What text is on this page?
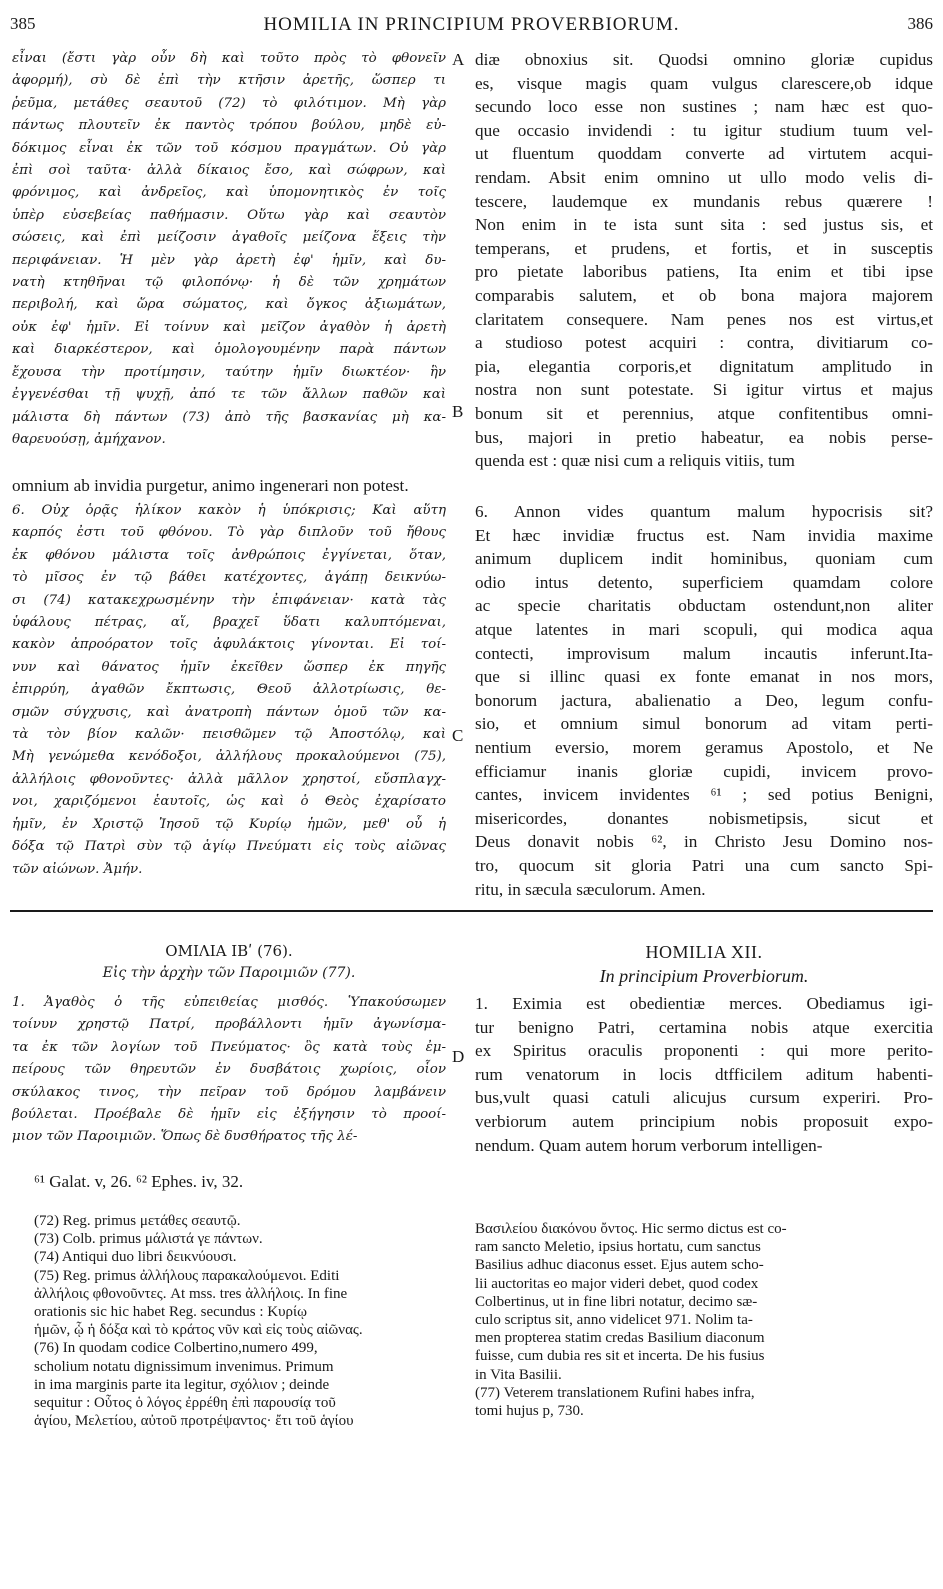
385	HOMILIA IN PRINCIPIUM PROVERBIORUM.	386
εἶναι (ἔστι γὰρ οὖν δὴ καὶ τοῦτο πρὸς τὸ φθονεῖν
ἀφορμή), σὺ δὲ ἐπὶ τὴν κτῆσιν ἀρετῆς, ὥσπερ τι
ῥεῦμα, μετάθες σεαυτοῦ (72) τὸ φιλότιμον. Μὴ γὰρ
πάντως πλουτεῖν ἐκ παντὸς τρόπου βούλου, μηδὲ εὐ-
δόκιμος εἶναι ἐκ τῶν τοῦ κόσμου πραγμάτων. Οὐ γὰρ
ἐπὶ σοὶ ταῦτα· ἀλλὰ δίκαιος ἔσο, καὶ σώφρων, καὶ
φρόνιμος, καὶ ἀνδρεῖος, καὶ ὑπομονητικὸς ἐν τοῖς
ὑπὲρ εὐσεβείας παθήμασιν. Οὕτω γὰρ καὶ σεαυτὸν
σώσεις, καὶ ἐπὶ μείζοσιν ἀγαθοῖς μείζονα ἕξεις τὴν
περιφάνειαν. Ἡ μὲν γὰρ ἀρετὴ ἐφ' ἡμῖν, καὶ δυ-
νατὴ κτηθῆναι τῷ φιλοπόνῳ· ἡ δὲ τῶν χρημάτων
περιβολή, καὶ ὥρα σώματος, καὶ ὄγκος ἀξιωμάτων,
οὐκ ἐφ' ἡμῖν. Εἰ τοίνυν καὶ μεῖζον ἀγαθὸν ἡ ἀρετὴ
καὶ διαρκέστερον, καὶ ὁμολογουμένην παρὰ πάντων
ἔχουσα τὴν προτίμησιν, ταύτην ἡμῖν διωκτέον· ἣν
ἐγγενέσθαι τῇ ψυχῇ, ἀπό τε τῶν ἄλλων παθῶν καὶ
μάλιστα δὴ πάντων (73) ἀπὸ τῆς βασκανίας μὴ κα-
θαρευούσῃ, ἀμήχανον.
diæ obnoxius sit. Quodsi omnino gloriæ cupidus
es, visque magis quam vulgus clarescere,ob idque
secundo loco esse non sustines ; nam hæc est quo-
que occasio invidendi : tu igitur studium tuum vel-
ut fluentum quoddam converte ad virtutem acqui-
rendam. Absit enim omnino ut ullo modo velis di-
tescere, laudemque ex mundanis rebus quærere !
Non enim in te ista sunt sita : sed justus sis, et
temperans, et prudens, et fortis, et in susceptis
pro pietate laboribus patiens, Ita enim et tibi ipse
comparabis salutem, et ob bona majora majorem
claritatem consequere. Nam penes nos est virtus,et
a studioso potest acquiri : contra, divitiarum co-
pia, elegantia corporis,et dignitatum amplitudo in
nostra non sunt potestate. Si igitur virtus et majus
bonum sit et perennius, atque confitentibus omni-
bus, majori in pretio habeatur, ea nobis perse-
quenda est : quæ nisi cum a reliquis vitiis, tum
omnium ab invidia purgetur, animo ingenerari non potest.
A
B
C
D
6. Οὐχ ὁρᾷς ἡλίκον κακὸν ἡ ὑπόκρισις; Καὶ αὕτη
καρπός ἐστι τοῦ φθόνου. Τὸ γὰρ διπλοῦν τοῦ ἤθους
ἐκ φθόνου μάλιστα τοῖς ἀνθρώποις ἐγγίνεται, ὅταν,
τὸ μῖσος ἐν τῷ βάθει κατέχοντες, ἀγάπῃ δεικνύω-
σι (74) κατακεχρωσμένην τὴν ἐπιφάνειαν· κατὰ τὰς
ὑφάλους πέτρας, αἵ, βραχεῖ ὕδατι καλυπτόμεναι,
κακὸν ἀπροόρατον τοῖς ἀφυλάκτοις γίνονται. Εἰ τοί-
νυν καὶ θάνατος ἡμῖν ἐκεῖθεν ὥσπερ ἐκ πηγῆς
ἐπιρρύη, ἀγαθῶν ἔκπτωσις, Θεοῦ ἀλλοτρίωσις, θε-
σμῶν σύγχυσις, καὶ ἀνατροπὴ πάντων ὁμοῦ τῶν κα-
τὰ τὸν βίον καλῶν· πεισθῶμεν τῷ Ἀποστόλῳ, καὶ
Μὴ γενώμεθα κενόδοξοι, ἀλλήλους προκαλούμενοι (75),
ἀλλήλοις φθονοῦντες· ἀλλὰ μᾶλλον χρηστοί, εὔσπλαγχ-
νοι, χαριζόμενοι ἑαυτοῖς, ὡς καὶ ὁ Θεὸς ἐχαρίσατο
ἡμῖν, ἐν Χριστῷ Ἰησοῦ τῷ Κυρίῳ ἡμῶν, μεθ' οὗ ἡ
δόξα τῷ Πατρὶ σὺν τῷ ἁγίῳ Πνεύματι εἰς τοὺς αἰῶνας
τῶν αἰώνων. Ἀμήν.
6. Annon vides quantum malum hypocrisis sit?
Et hæc invidiæ fructus est. Nam invidia maxime
animum duplicem indit hominibus, quoniam cum
odio intus detento, superficiem quamdam colore
ac specie charitatis obductam ostendunt,non aliter
atque latentes in mari scopuli, qui modica aqua
contecti, improvisum malum incautis inferunt.Ita-
que si illinc quasi ex fonte emanat in nos mors,
bonorum jactura, abalienatio a Deo, legum confu-
sio, et omnium simul bonorum ad vitam perti-
nentium eversio, morem geramus Apostolo, et Ne
efficiamur inanis gloriæ cupidi, invicem provo-
cantes, invicem invidentes ⁶¹ ; sed potius Benigni,
misericordes, donantes nobismetipsis, sicut et
Deus donavit nobis ⁶², in Christo Jesu Domino nos-
tro, quocum sit gloria Patri una cum sancto Spi-
ritu, in sæcula sæculorum. Amen.
ΟΜΙΛΙΑ ΙΒʹ (76).
Εἰς τὴν ἀρχὴν τῶν Παροιμιῶν (77).
HOMILIA XII.
In principium Proverbiorum.
1. Ἀγαθὸς ὁ τῆς εὐπειθείας μισθός. Ὑπακούσωμεν
τοίνυν χρηστῷ Πατρί, προβάλλοντι ἡμῖν ἀγωνίσμα-
τα ἐκ τῶν λογίων τοῦ Πνεύματος· ὃς κατὰ τοὺς ἐμ-
πείρους τῶν θηρευτῶν ἐν δυσβάτοις χωρίοις, οἷον
σκύλακος τινος, τὴν πεῖραν τοῦ δρόμου λαμβάνειν
βούλεται. Προέβαλε δὲ ἡμῖν εἰς ἐξήγησιν τὸ προοί-
μιον τῶν Παροιμιῶν. Ὅπως δὲ δυσθήρατος τῆς λέ-
1. Eximia est obedientiæ merces. Obediamus igi-
tur benigno Patri, certamina nobis atque exercitia
ex Spiritus oraculis proponenti : qui more perito-
rum venatorum in locis dtfficilem aditum habenti-
bus,vult quasi catuli alicujus cursum experiri. Pro-
verbiorum autem principium nobis proposuit expo-
nendum. Quam autem horum verborum intelligen-
⁶¹ Galat. v, 26. ⁶² Ephes. iv, 32.
(72) Reg. primus μετάθες σεαυτῷ.
(73) Colb. primus μάλιστά γε πάντων.
(74) Antiqui duo libri δεικνύουσι.
(75) Reg. primus ἀλλήλους παρακαλούμενοι. Editi
ἀλλήλοις φθονοῦντες. At mss. tres ἀλλήλοις. In fine
orationis sic hic habet Reg. secundus : Κυρίῳ
ἡμῶν, ᾧ ἡ δόξα καὶ τὸ κράτος νῦν καὶ εἰς τοὺς αἰῶνας.
(76) In quodam codice Colbertino,numero 499,
scholium notatu dignissimum invenimus. Primum
in ima marginis parte ita legitur, σχόλιον ; deinde
sequitur : Οὗτος ὁ λόγος ἐρρέθη ἐπὶ παρουσίᾳ τοῦ
ἁγίου, Μελετίου, αὐτοῦ προτρέψαντος· ἔτι τοῦ ἁγίου
Βασιλείου διακόνου ὄντος. Hic sermo dictus est co-
ram sancto Meletio, ipsius hortatu, cum sanctus
Basilius adhuc diaconus esset. Ejus autem scho-
lii auctoritas eo major videri debet, quod codex
Colbertinus, ut in fine libri notatur, decimo sæ-
culo scriptus sit, anno videlicet 971. Nolim ta-
men propterea statim credas Basilium diaconum
fuisse, cum dubia res sit et incerta. De his fusius
in Vita Basilii.
(77) Veterem translationem Rufini habes infra,
tomi hujus p, 730.
